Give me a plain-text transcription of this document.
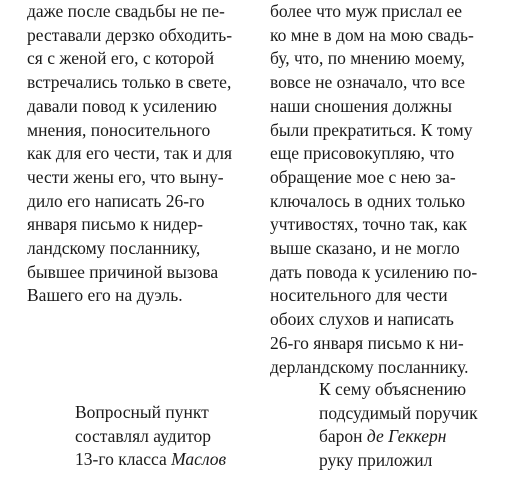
даже после свадьбы не пе-
реставали дерзко обходить-
ся с женой его, с которой
встречались только в свете,
давали повод к усилению
мнения, поносительного
как для его чести, так и для
чести жены его, что выну-
дило его написать 26-го
января письмо к нидер-
ландскому посланнику,
бывшее причиной вызова
Вашего его на дуэль.
более что муж прислал ее
ко мне в дом на мою свадь-
бу, что, по мнению моему,
вовсе не означало, что все
наши сношения должны
были прекратиться. К тому
еще присовокупляю, что
обращение мое с нею за-
ключалось в одних только
учтивостях, точно так, как
выше сказано, и не могло
дать повода к усилению по-
носительного для чести
обоих слухов и написать
26-го января письмо к ни-
дерландскому посланнику.
Вопросный пункт
составлял аудитор
13-го класса Маслов
К сему объяснению
подсудимый поручик
барон де Геккерн
руку приложил
